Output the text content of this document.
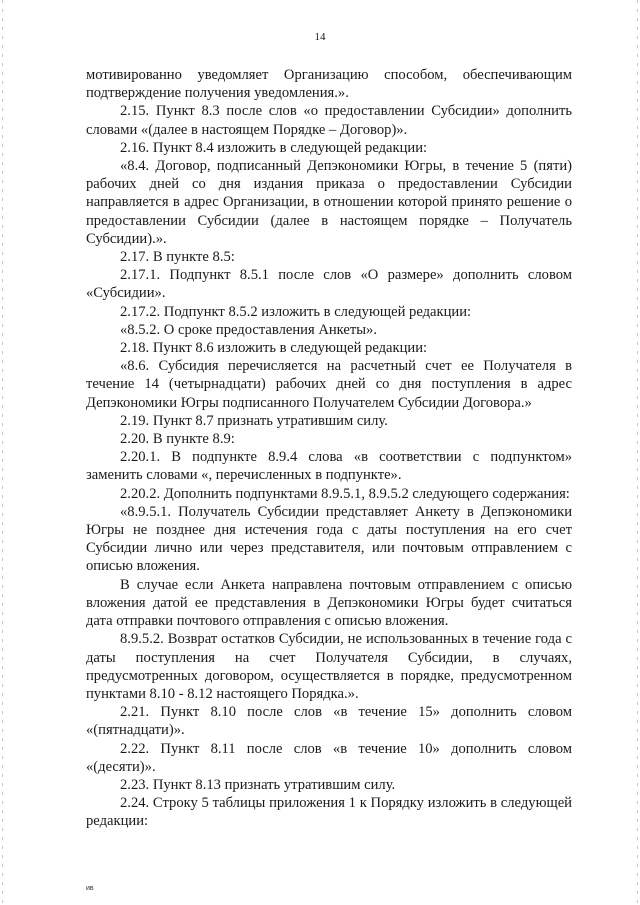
14

мотивированно уведомляет Организацию способом, обеспечивающим подтверждение получения уведомления.».

2.15. Пункт 8.3 после слов «о предоставлении Субсидии» дополнить словами «(далее в настоящем Порядке – Договор)».

2.16. Пункт 8.4 изложить в следующей редакции:

«8.4. Договор, подписанный Депэкономики Югры, в течение 5 (пяти) рабочих дней со дня издания приказа о предоставлении Субсидии направляется в адрес Организации, в отношении которой принято решение о предоставлении Субсидии (далее в настоящем порядке – Получатель Субсидии).».

2.17. В пункте 8.5:

2.17.1. Подпункт 8.5.1 после слов «О размере» дополнить словом «Субсидии».

2.17.2. Подпункт 8.5.2 изложить в следующей редакции:

«8.5.2. О сроке предоставления Анкеты».

2.18. Пункт 8.6 изложить в следующей редакции:

«8.6. Субсидия перечисляется на расчетный счет ее Получателя в течение 14 (четырнадцати) рабочих дней со дня поступления в адрес Депэкономики Югры подписанного Получателем Субсидии Договора.»

2.19. Пункт 8.7 признать утратившим силу.

2.20. В пункте 8.9:

2.20.1. В подпункте 8.9.4 слова «в соответствии с подпунктом» заменить словами «, перечисленных в подпункте».

2.20.2. Дополнить подпунктами 8.9.5.1, 8.9.5.2 следующего содержания:

«8.9.5.1. Получатель Субсидии представляет Анкету в Депэкономики Югры не позднее дня истечения года с даты поступления на его счет Субсидии лично или через представителя, или почтовым отправлением с описью вложения.

В случае если Анкета направлена почтовым отправлением с описью вложения датой ее представления в Депэкономики Югры будет считаться дата отправки почтового отправления с описью вложения.

8.9.5.2. Возврат остатков Субсидии, не использованных в течение года с даты поступления на счет Получателя Субсидии, в случаях, предусмотренных договором, осуществляется в порядке, предусмотренном пунктами 8.10 - 8.12 настоящего Порядка.».

2.21. Пункт 8.10 после слов «в течение 15» дополнить словом «(пятнадцати)».

2.22. Пункт 8.11 после слов «в течение 10» дополнить словом «(десяти)».

2.23. Пункт 8.13 признать утратившим силу.

2.24. Строку 5 таблицы приложения 1 к Порядку изложить в следующей редакции:

ив
